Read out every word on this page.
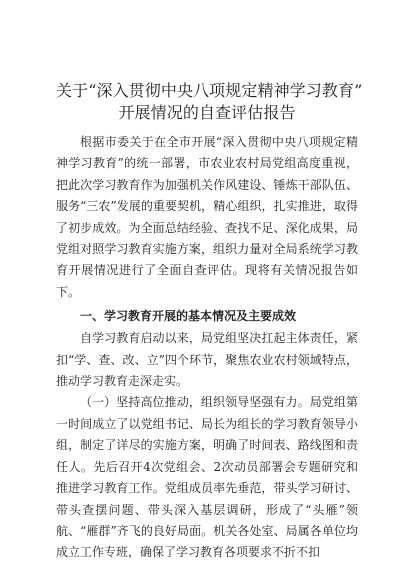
关于“深入贯彻中央八项规定精神学习教育”
开展情况的自查评估报告

根据市委关于在全市开展“深入贯彻中央八项规定精神学习教育”的统一部署，市农业农村局党组高度重视，把此次学习教育作为加强机关作风建设、锤炼干部队伍、服务“三农”发展的重要契机，精心组织，扎实推进，取得了初步成效。为全面总结经验、查找不足、深化成果，局党组对照学习教育实施方案，组织力量对全局系统学习教育开展情况进行了全面自查评估。现将有关情况报告如下。

一、学习教育开展的基本情况及主要成效

自学习教育启动以来，局党组坚决扛起主体责任，紧扣“学、查、改、立”四个环节，聚焦农业农村领域特点，推动学习教育走深走实。

（一）坚持高位推动，组织领导坚强有力。局党组第一时间成立了以党组书记、局长为组长的学习教育领导小组，制定了详尽的实施方案，明确了时间表、路线图和责任人。先后召开4次党组会、2次动员部署会专题研究和推进学习教育工作。党组成员率先垂范，带头学习研讨、带头查摆问题、带头深入基层调研，形成了“头雁”领航、“雁群”齐飞的良好局面。机关各处室、局属各单位均成立工作专班，确保了学习教育各项要求不折不扣
